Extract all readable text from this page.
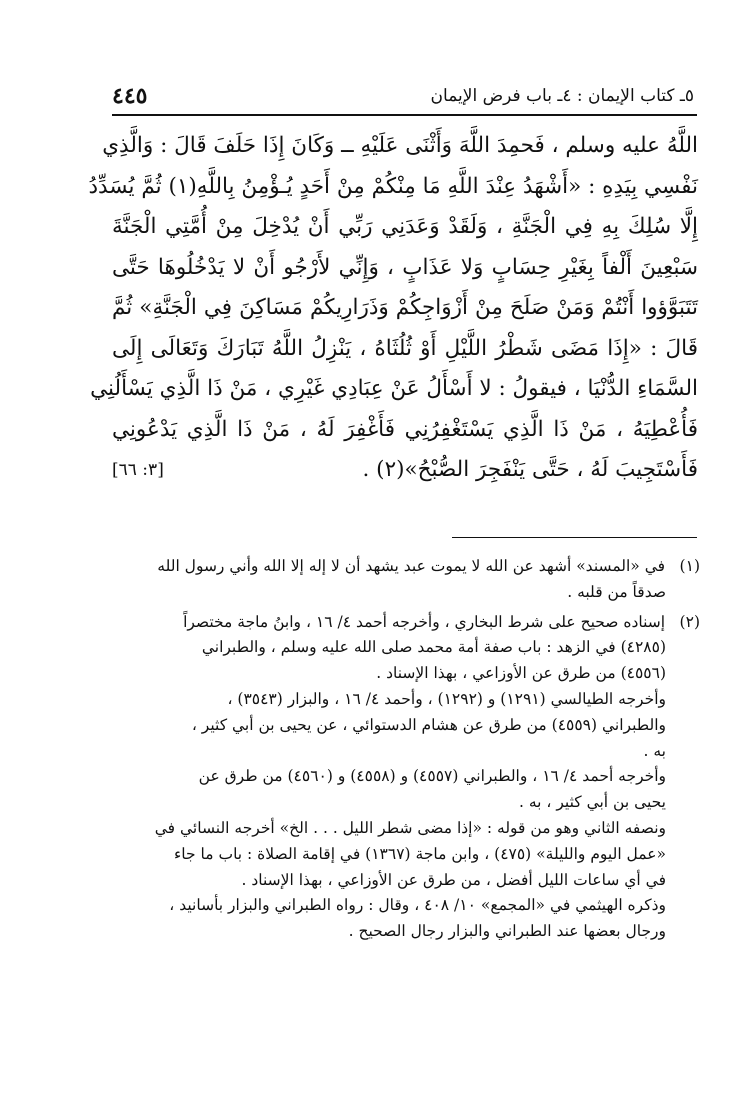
٤٤٥	٥ـ كتاب الإيمان : ٤ـ باب فرض الإيمان
اللَّهُ عليه وسلم ، فَحمِدَ اللَّهَ وَأَثْنَى عَلَيْهِ ــ وَكَانَ إِذَا حَلَفَ قَالَ : وَالَّذِي
نَفْسِي بِيَدِهِ : «أَشْهَدُ عِنْدَ اللَّهِ مَا مِنْكُمْ مِنْ أَحَدٍ يُـؤْمِنُ بِاللَّهِ(١) ثُمَّ يُسَدِّدُ
إِلَّا سُلِكَ بِهِ فِي الْجَنَّةِ ، وَلَقَدْ وَعَدَنِي رَبِّي أَنْ يُدْخِلَ مِنْ أُمَّتِي الْجَنَّةَ
سَبْعِينَ أَلْفاً بِغَيْرِ حِسَابٍ وَلا عَذَابٍ ، وَإِنِّي لأَرْجُو أَنْ لا يَدْخُلُوهَا حَتَّى
تَتَبَوَّؤوا أَنْتُمْ وَمَنْ صَلَحَ مِنْ أَزْوَاجِكُمْ وَذَرَارِيكُمْ مَسَاكِنَ فِي الْجَنَّةِ» ثُمَّ
قَالَ : «إِذَا مَضَى شَطْرُ اللَّيْلِ أَوْ ثُلُثَاهُ ، يَنْزِلُ اللَّهُ تَبَارَكَ وَتَعَالَى إِلَى
السَّمَاءِ الدُّنْيَا ، فيقولُ : لا أَسْأَلُ عَنْ عِبَادِي غَيْرِي ، مَنْ ذَا الَّذِي يَسْأَلُنِي
فَأُعْطِيَهُ ، مَنْ ذَا الَّذِي يَسْتَغْفِرُنِي فَأَغْفِرَ لَهُ ، مَنْ ذَا الَّذِي يَدْعُونِي
فَأَسْتَجِيبَ لَهُ ، حَتَّى يَنْفَجِرَ الصُّبْحُ»(٢) .
[٣: ٦٦]
(١) في «المسند» أشهد عن الله لا يموت عبد يشهد أن لا إله إلا الله وأني رسول الله
صدقاً من قلبه .
(٢) إسناده صحيح على شرط البخاري ، وأخرجه أحمد ٤/ ١٦ ، وابنُ ماجة مختصراً
(٤٢٨٥) في الزهد : باب صفة أمة محمد صلى الله عليه وسلم ، والطبراني
(٤٥٥٦) من طرق عن الأوزاعي ، بهذا الإسناد .
وأخرجه الطيالسي (١٢٩١) و (١٢٩٢) ، وأحمد ٤/ ١٦ ، والبزار (٣٥٤٣) ،
والطبراني (٤٥٥٩) من طرق عن هشام الدستوائي ، عن يحيى بن أبي كثير ،
به .
وأخرجه أحمد ٤/ ١٦ ، والطبراني (٤٥٥٧) و (٤٥٥٨) و (٤٥٦٠) من طرق عن
يحيى بن أبي كثير ، به .
ونصفه الثاني وهو من قوله : «إذا مضى شطر الليل . . . الخ» أخرجه النسائي في
«عمل اليوم والليلة» (٤٧٥) ، وابن ماجة (١٣٦٧) في إقامة الصلاة : باب ما جاء
في أي ساعات الليل أفضل ، من طرق عن الأوزاعي ، بهذا الإسناد .
وذكره الهيثمي في «المجمع» ١٠/ ٤٠٨ ، وقال : رواه الطبراني والبزار بأسانيد ،
ورجال بعضها عند الطبراني والبزار رجال الصحيح .
